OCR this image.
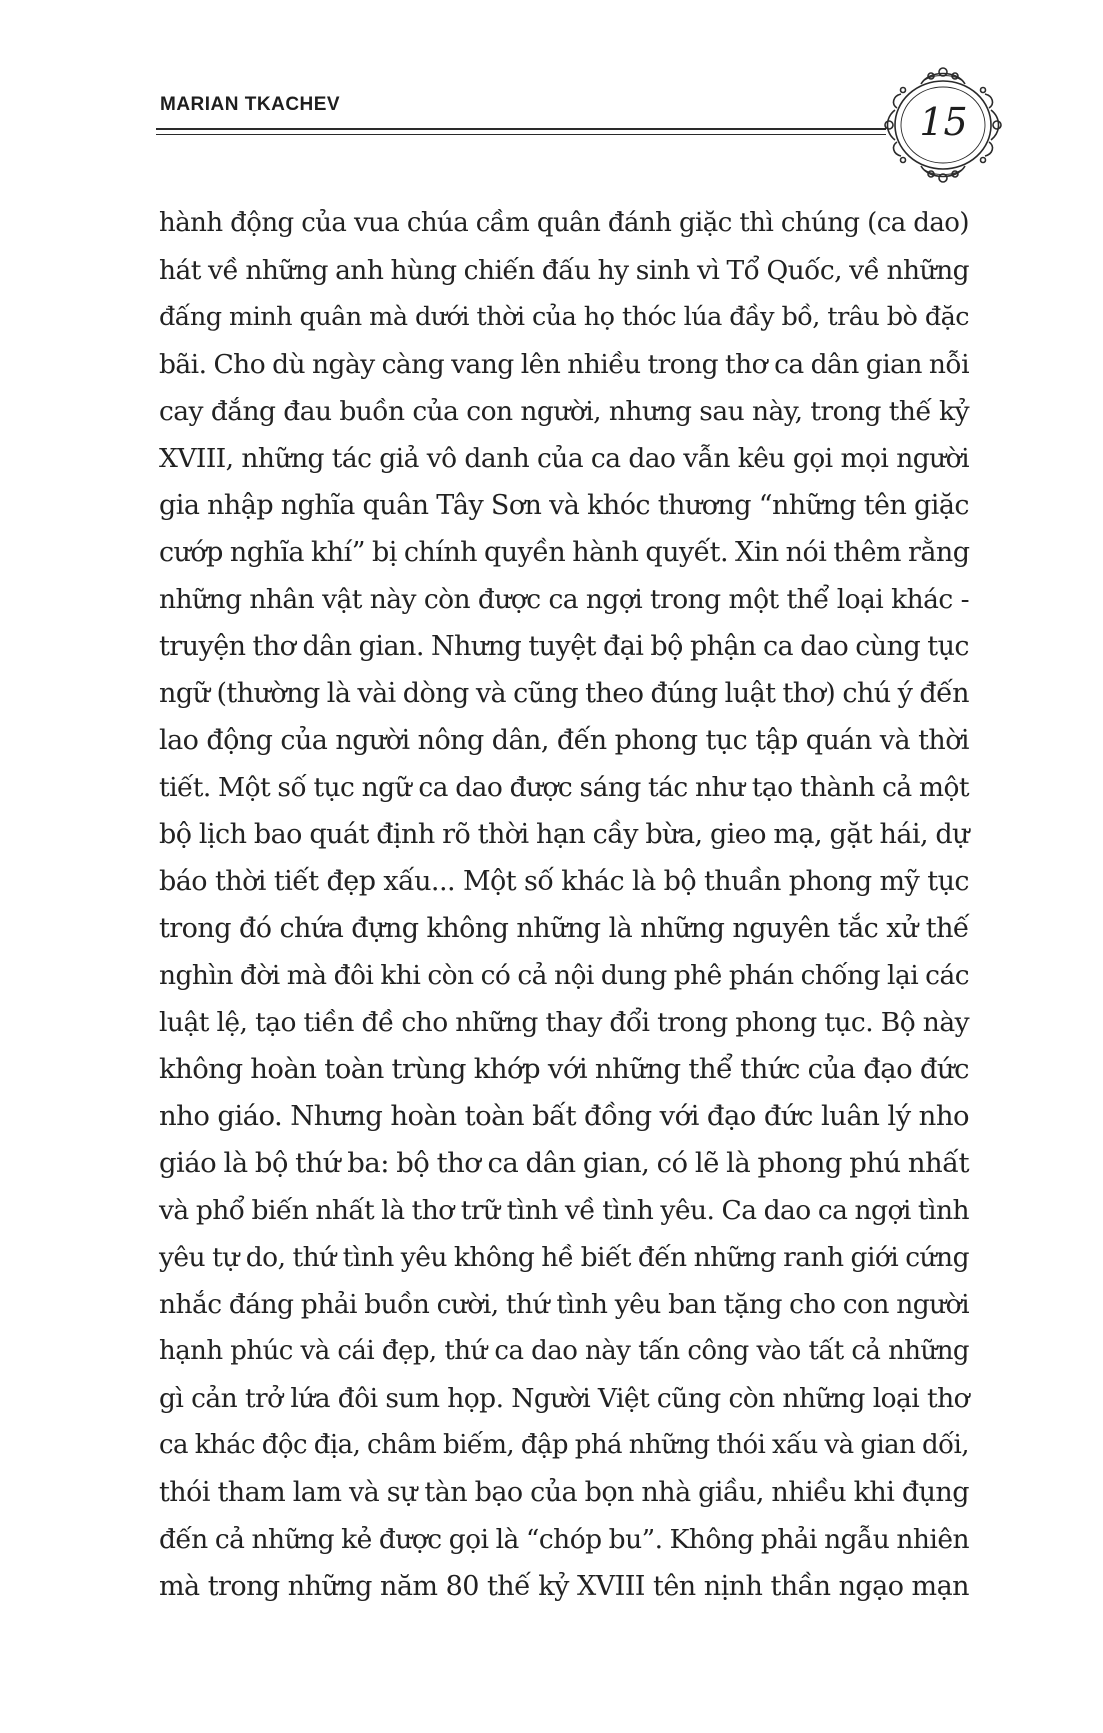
MARIAN TKACHEV	15
hành động của vua chúa cầm quân đánh giặc thì chúng (ca dao)
hát về những anh hùng chiến đấu hy sinh vì Tổ Quốc, về những
đấng minh quân mà dưới thời của họ thóc lúa đầy bồ, trâu bò đặc
bãi. Cho dù ngày càng vang lên nhiều trong thơ ca dân gian nỗi
cay đắng đau buồn của con người, nhưng sau này, trong thế kỷ
XVIII, những tác giả vô danh của ca dao vẫn kêu gọi mọi người
gia nhập nghĩa quân Tây Sơn và khóc thương “những tên giặc
cướp nghĩa khí” bị chính quyền hành quyết. Xin nói thêm rằng
những nhân vật này còn được ca ngợi trong một thể loại khác -
truyện thơ dân gian. Nhưng tuyệt đại bộ phận ca dao cùng tục
ngữ (thường là vài dòng và cũng theo đúng luật thơ) chú ý đến
lao động của người nông dân, đến phong tục tập quán và thời
tiết. Một số tục ngữ ca dao được sáng tác như tạo thành cả một
bộ lịch bao quát định rõ thời hạn cầy bừa, gieo mạ, gặt hái, dự
báo thời tiết đẹp xấu... Một số khác là bộ thuần phong mỹ tục
trong đó chứa đựng không những là những nguyên tắc xử thế
nghìn đời mà đôi khi còn có cả nội dung phê phán chống lại các
luật lệ, tạo tiền đề cho những thay đổi trong phong tục. Bộ này
không hoàn toàn trùng khớp với những thể thức của đạo đức
nho giáo. Nhưng hoàn toàn bất đồng với đạo đức luân lý nho
giáo là bộ thứ ba: bộ thơ ca dân gian, có lẽ là phong phú nhất
và phổ biến nhất là thơ trữ tình về tình yêu. Ca dao ca ngợi tình
yêu tự do, thứ tình yêu không hề biết đến những ranh giới cứng
nhắc đáng phải buồn cười, thứ tình yêu ban tặng cho con người
hạnh phúc và cái đẹp, thứ ca dao này tấn công vào tất cả những
gì cản trở lứa đôi sum họp. Người Việt cũng còn những loại thơ
ca khác độc địa, châm biếm, đập phá những thói xấu và gian dối,
thói tham lam và sự tàn bạo của bọn nhà giầu, nhiều khi đụng
đến cả những kẻ được gọi là “chóp bu”. Không phải ngẫu nhiên
mà trong những năm 80 thế kỷ XVIII tên nịnh thần ngạo mạn
